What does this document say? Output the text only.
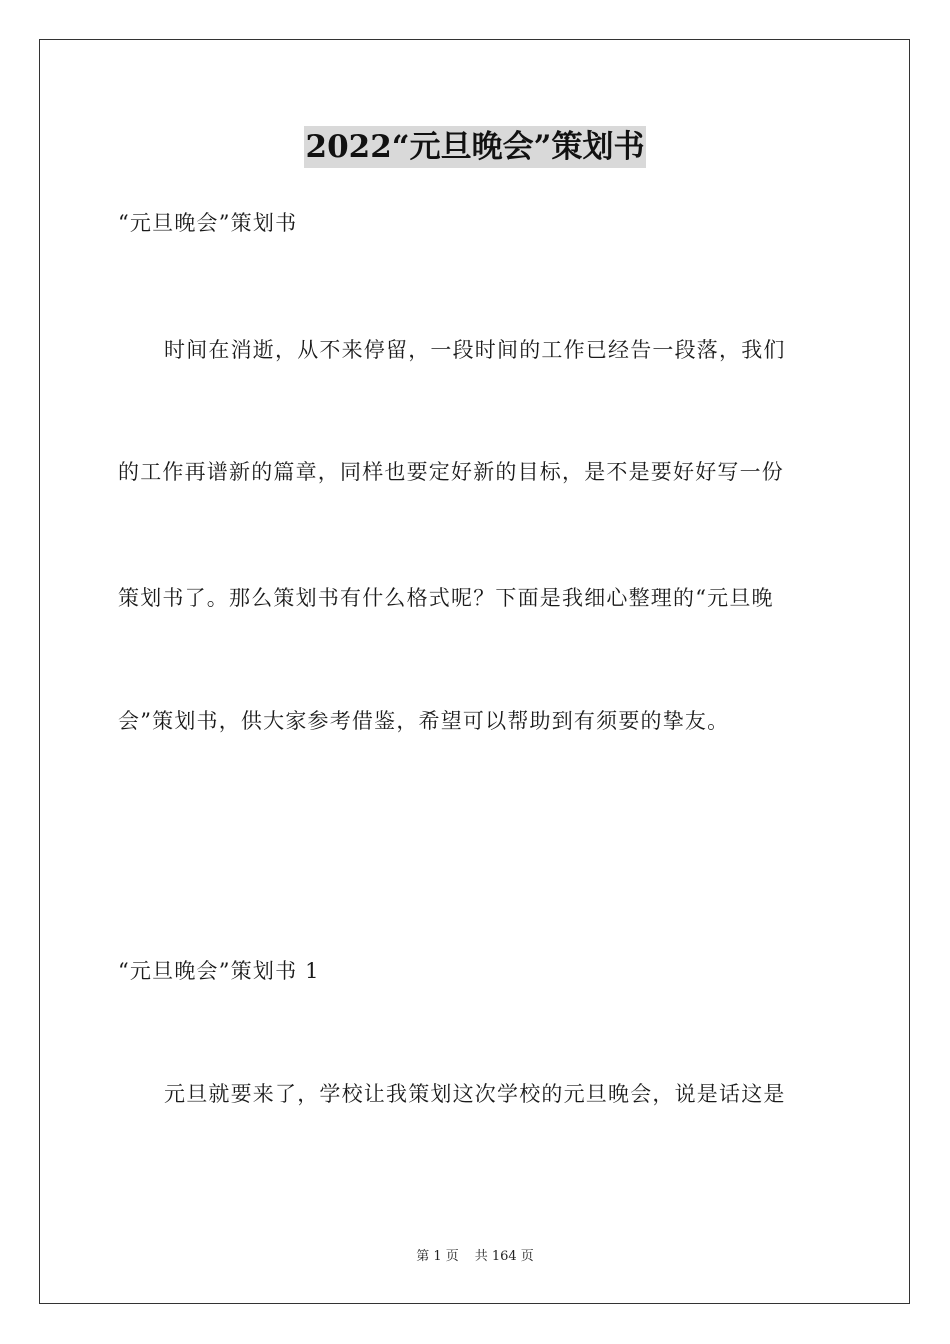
2022“元旦晚会”策划书
“元旦晚会”策划书
时间在消逝，从不来停留，一段时间的工作已经告一段落，我们
的工作再谱新的篇章，同样也要定好新的目标，是不是要好好写一份
策划书了。那么策划书有什么格式呢？下面是我细心整理的“元旦晚
会”策划书，供大家参考借鉴，希望可以帮助到有须要的挚友。
“元旦晚会”策划书 1
元旦就要来了，学校让我策划这次学校的元旦晚会，说是话这是
第 1 页 共 164 页
